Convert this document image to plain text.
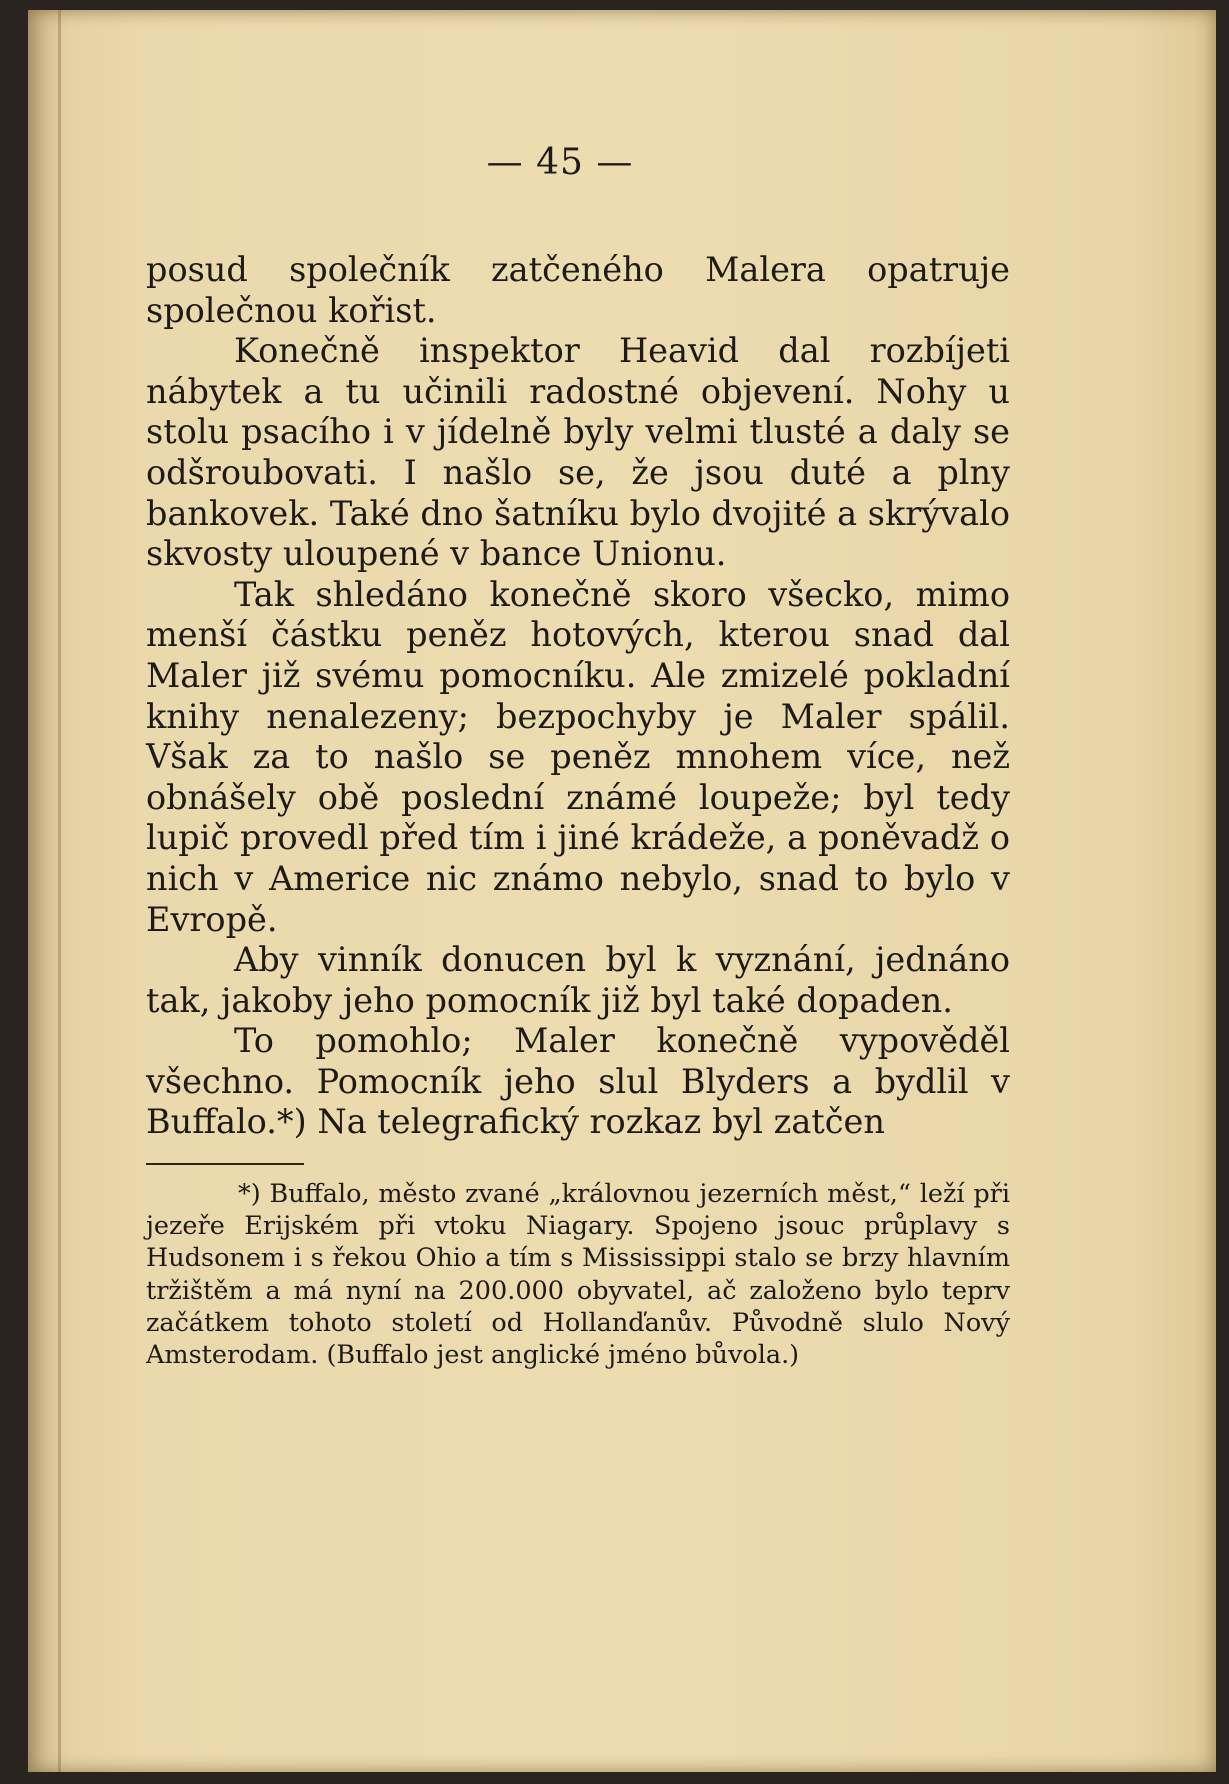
— 45 —

posud společník zatčeného Malera opatruje společnou kořist.

Konečně inspektor Heavid dal rozbíjeti nábytek a tu učinili radostné objevení. Nohy u stolu psacího i v jídelně byly velmi tlusté a daly se odšroubovati. I našlo se, že jsou duté a plny bankovek. Také dno šatníku bylo dvojité a skrývalo skvosty uloupené v bance Unionu.

Tak shledáno konečně skoro všecko, mimo menší částku peněz hotových, kterou snad dal Maler již svému pomocníku. Ale zmizelé pokladní knihy nenalezeny; bezpochyby je Maler spálil. Však za to našlo se peněz mnohem více, než obnášely obě poslední známé loupeže; byl tedy lupič provedl před tím i jiné krádeže, a poněvadž o nich v Americe nic známo nebylo, snad to bylo v Evropě.

Aby vinník donucen byl k vyznání, jednáno tak, jakoby jeho pomocník již byl také dopaden.

To pomohlo; Maler konečně vypověděl všechno. Pomocník jeho slul Blyders a bydlil v Buffalo.*) Na telegrafický rozkaz byl zatčen

*) Buffalo, město zvané „královnou jezerních měst,“ leží při jezeře Erijském při vtoku Niagary. Spojeno jsouc průplavy s Hudsonem i s řekou Ohio a tím s Mississippi stalo se brzy hlavním tržištěm a má nyní na 200.000 obyvatel, ač založeno bylo teprv začátkem tohoto století od Hollanďanův. Původně slulo Nový Amsterodam. (Buffalo jest anglické jméno bůvola.)
